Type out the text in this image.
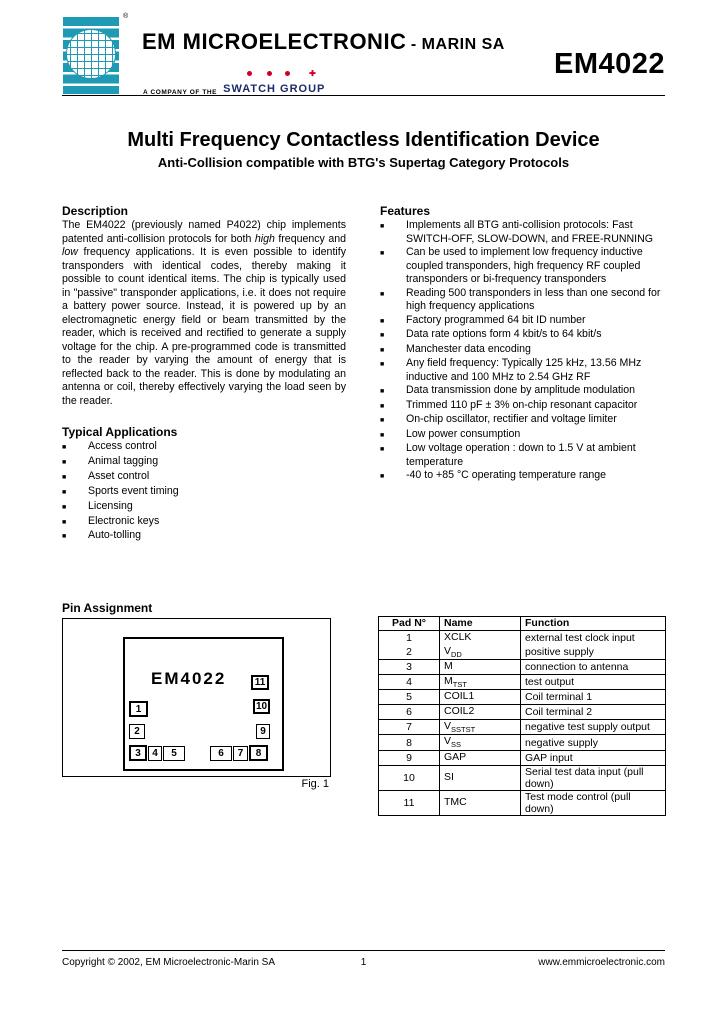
®
EM MICROELECTRONIC - MARIN SA
A COMPANY OF THE
✚
SWATCH GROUP
EM4022
Multi Frequency Contactless Identification Device
Anti-Collision compatible with BTG's Supertag Category Protocols
Description
The EM4022 (previously named P4022) chip implements patented anti-collision protocols for both high frequency and low frequency applications. It is even possible to identify transponders with identical codes, thereby making it possible to count identical items. The chip is typically used in "passive" transponder applications, i.e. it does not require a battery power source. Instead, it is powered up by an electromagnetic energy field or beam transmitted by the reader, which is received and rectified to generate a supply voltage for the chip. A pre-programmed code is transmitted to the reader by varying the amount of energy that is reflected back to the reader. This is done by modulating an antenna or coil, thereby effectively varying the load seen by the reader.
Typical Applications
■	Access control
■	Animal tagging
■	Asset control
■	Sports event timing
■	Licensing
■	Electronic keys
■	Auto-tolling
Features
■	Implements all BTG anti-collision protocols: Fast SWITCH-OFF, SLOW-DOWN, and FREE-RUNNING
■	Can be used to implement low frequency inductive coupled transponders, high frequency RF coupled transponders or bi-frequency transponders
■	Reading 500 transponders in less than one second for high frequency applications
■	Factory programmed 64 bit ID number
■	Data rate options form 4 kbit/s to 64 kbit/s
■	Manchester data encoding
■	Any field frequency: Typically 125 kHz, 13.56 MHz inductive and 100 MHz to 2.54 GHz RF
■	Data transmission done by amplitude modulation
■	Trimmed 110 pF ± 3% on-chip resonant capacitor
■	On-chip oscillator, rectifier and voltage limiter
■	Low power consumption
■	Low voltage operation : down to 1.5 V at ambient temperature
■	-40 to +85 °C operating temperature range
Pin Assignment
EM4022
1
2
3	4	5	6	7	8
9
10
11
Fig. 1
Pad N°	Name	Function
1	XCLK	external test clock input
2	$V_{DD}$	positive supply
3	M	connection to antenna
4	$M_{TST}$	test output
5	COIL1	Coil terminal 1
6	COIL2	Coil terminal 2
7	$V_{SSTST}$	negative test supply output
8	$V_{SS}$	negative supply
9	GAP	GAP input
10	SI	Serial test data input (pull down)
11	TMC	Test mode control (pull down)
Copyright © 2002, EM Microelectronic-Marin SA	1	www.emmicroelectronic.com
